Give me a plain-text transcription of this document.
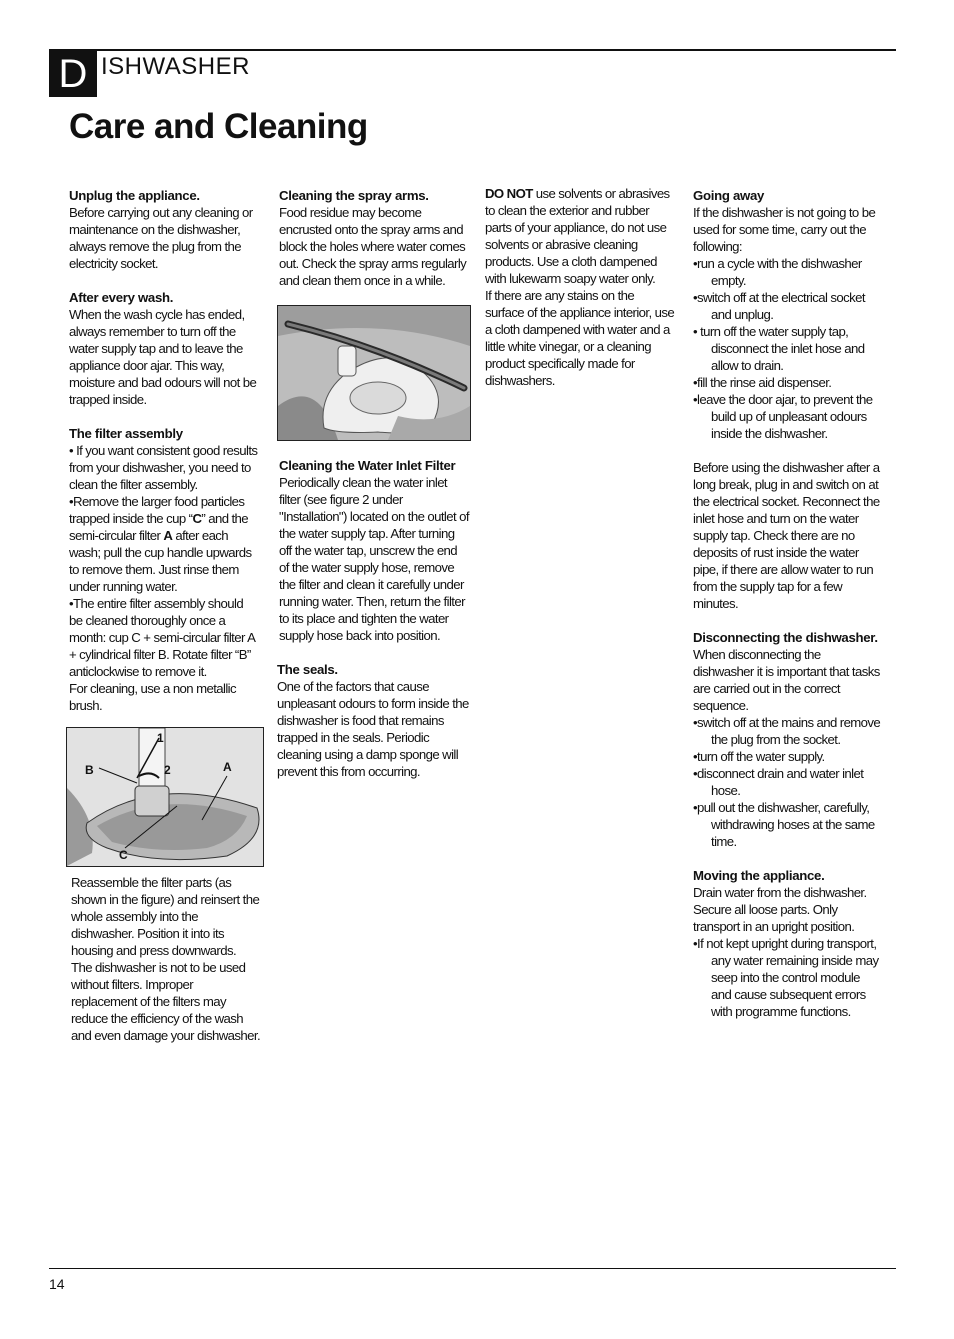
D ISHWASHER
Care and Cleaning

Unplug the appliance.

Before carrying out any cleaning or maintenance on the dishwasher, always remove the plug from the electricity socket.

After every wash.

When the wash cycle has ended, always remember to turn off the water supply tap and to leave the appliance door ajar. This way, moisture and bad odours will not be trapped inside.

The filter assembly

• If you want consistent good results from your dishwasher, you need to clean the filter assembly.

•Remove the larger food particles trapped inside the cup “C” and the semi-circular filter A after each wash; pull the cup handle upwards to remove them. Just rinse them under running water.

•The entire filter assembly should be cleaned thoroughly once a month: cup C + semi-circular filter A + cylindrical filter B. Rotate filter “B” anticlockwise to remove it.

For cleaning, use a non metallic brush.

1
2
B	A
C

Reassemble the filter parts (as shown in the figure) and reinsert the whole assembly into the dishwasher. Position it into its housing and press downwards.

The dishwasher is not to be used without filters. Improper replacement of the filters may reduce the efficiency of the wash and even damage your dishwasher.

Cleaning the spray arms.

Food residue may become encrusted onto the spray arms and block the holes where water comes out. Check the spray arms regularly and clean them once in a while.

Cleaning the Water Inlet Filter

Periodically clean the water inlet filter (see figure 2 under "Installation") located on the outlet of the water supply tap. After turning off the water tap, unscrew the end of the water supply hose, remove the filter and clean it carefully under running water. Then, return the filter to its place and tighten the water supply hose back into position.

The seals.

One of the factors that cause unpleasant odours to form inside the dishwasher is food that remains trapped in the seals. Periodic cleaning using a damp sponge will prevent this from occurring.

DO NOT use solvents or abrasives to clean the exterior and rubber parts of your appliance, do not use solvents or abrasive cleaning products. Use a cloth dampened with lukewarm soapy water only.

If there are any stains on the surface of the appliance interior, use a cloth dampened with water and a little white vinegar, or a cleaning product specifically made for dishwashers.

Going away

If the dishwasher is not going to be used for some time, carry out the following:

•run a cycle with the dishwasher empty.

•switch off at the electrical socket and unplug.

• turn off the water supply tap, disconnect the inlet hose and allow to drain.

•fill the rinse aid dispenser.

•leave the door ajar, to prevent the build up of unpleasant odours inside the dishwasher.

Before using the dishwasher after a long break, plug in and switch on at the electrical socket. Reconnect the inlet hose and turn on the water supply tap. Check there are no deposits of rust inside the water pipe, if there are allow water to run from the supply tap for a few minutes.

Disconnecting the dishwasher.

When disconnecting the dishwasher it is important that tasks are carried out in the correct sequence.

•switch off at the mains and remove the plug from the socket.

•turn off the water supply.

•disconnect drain and water inlet hose.

•pull out the dishwasher, carefully, withdrawing hoses at the same time.

Moving the appliance.

Drain water from the dishwasher. Secure all loose parts. Only transport in an upright position.

•If not kept upright during transport, any water remaining inside may seep into the control module and cause subsequent errors with programme functions.

14
